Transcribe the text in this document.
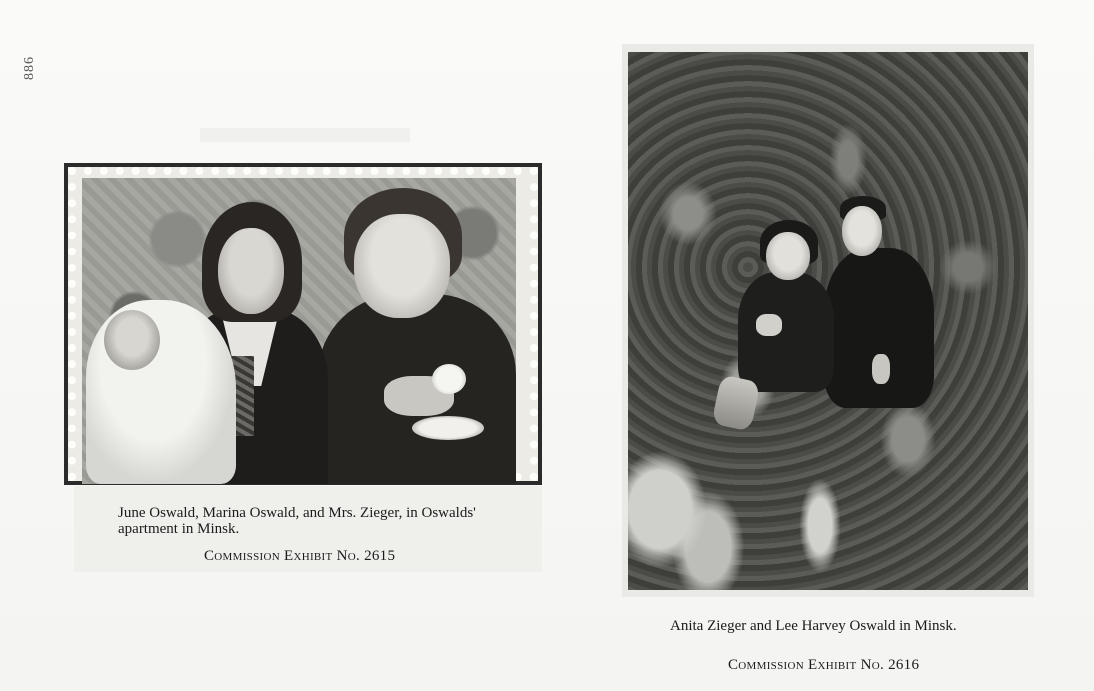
886
June Oswald, Marina Oswald, and Mrs. Zieger, in Oswalds' apartment in Minsk.
Commission Exhibit No. 2615
Anita Zieger and Lee Harvey Oswald in Minsk.
Commission Exhibit No. 2616
